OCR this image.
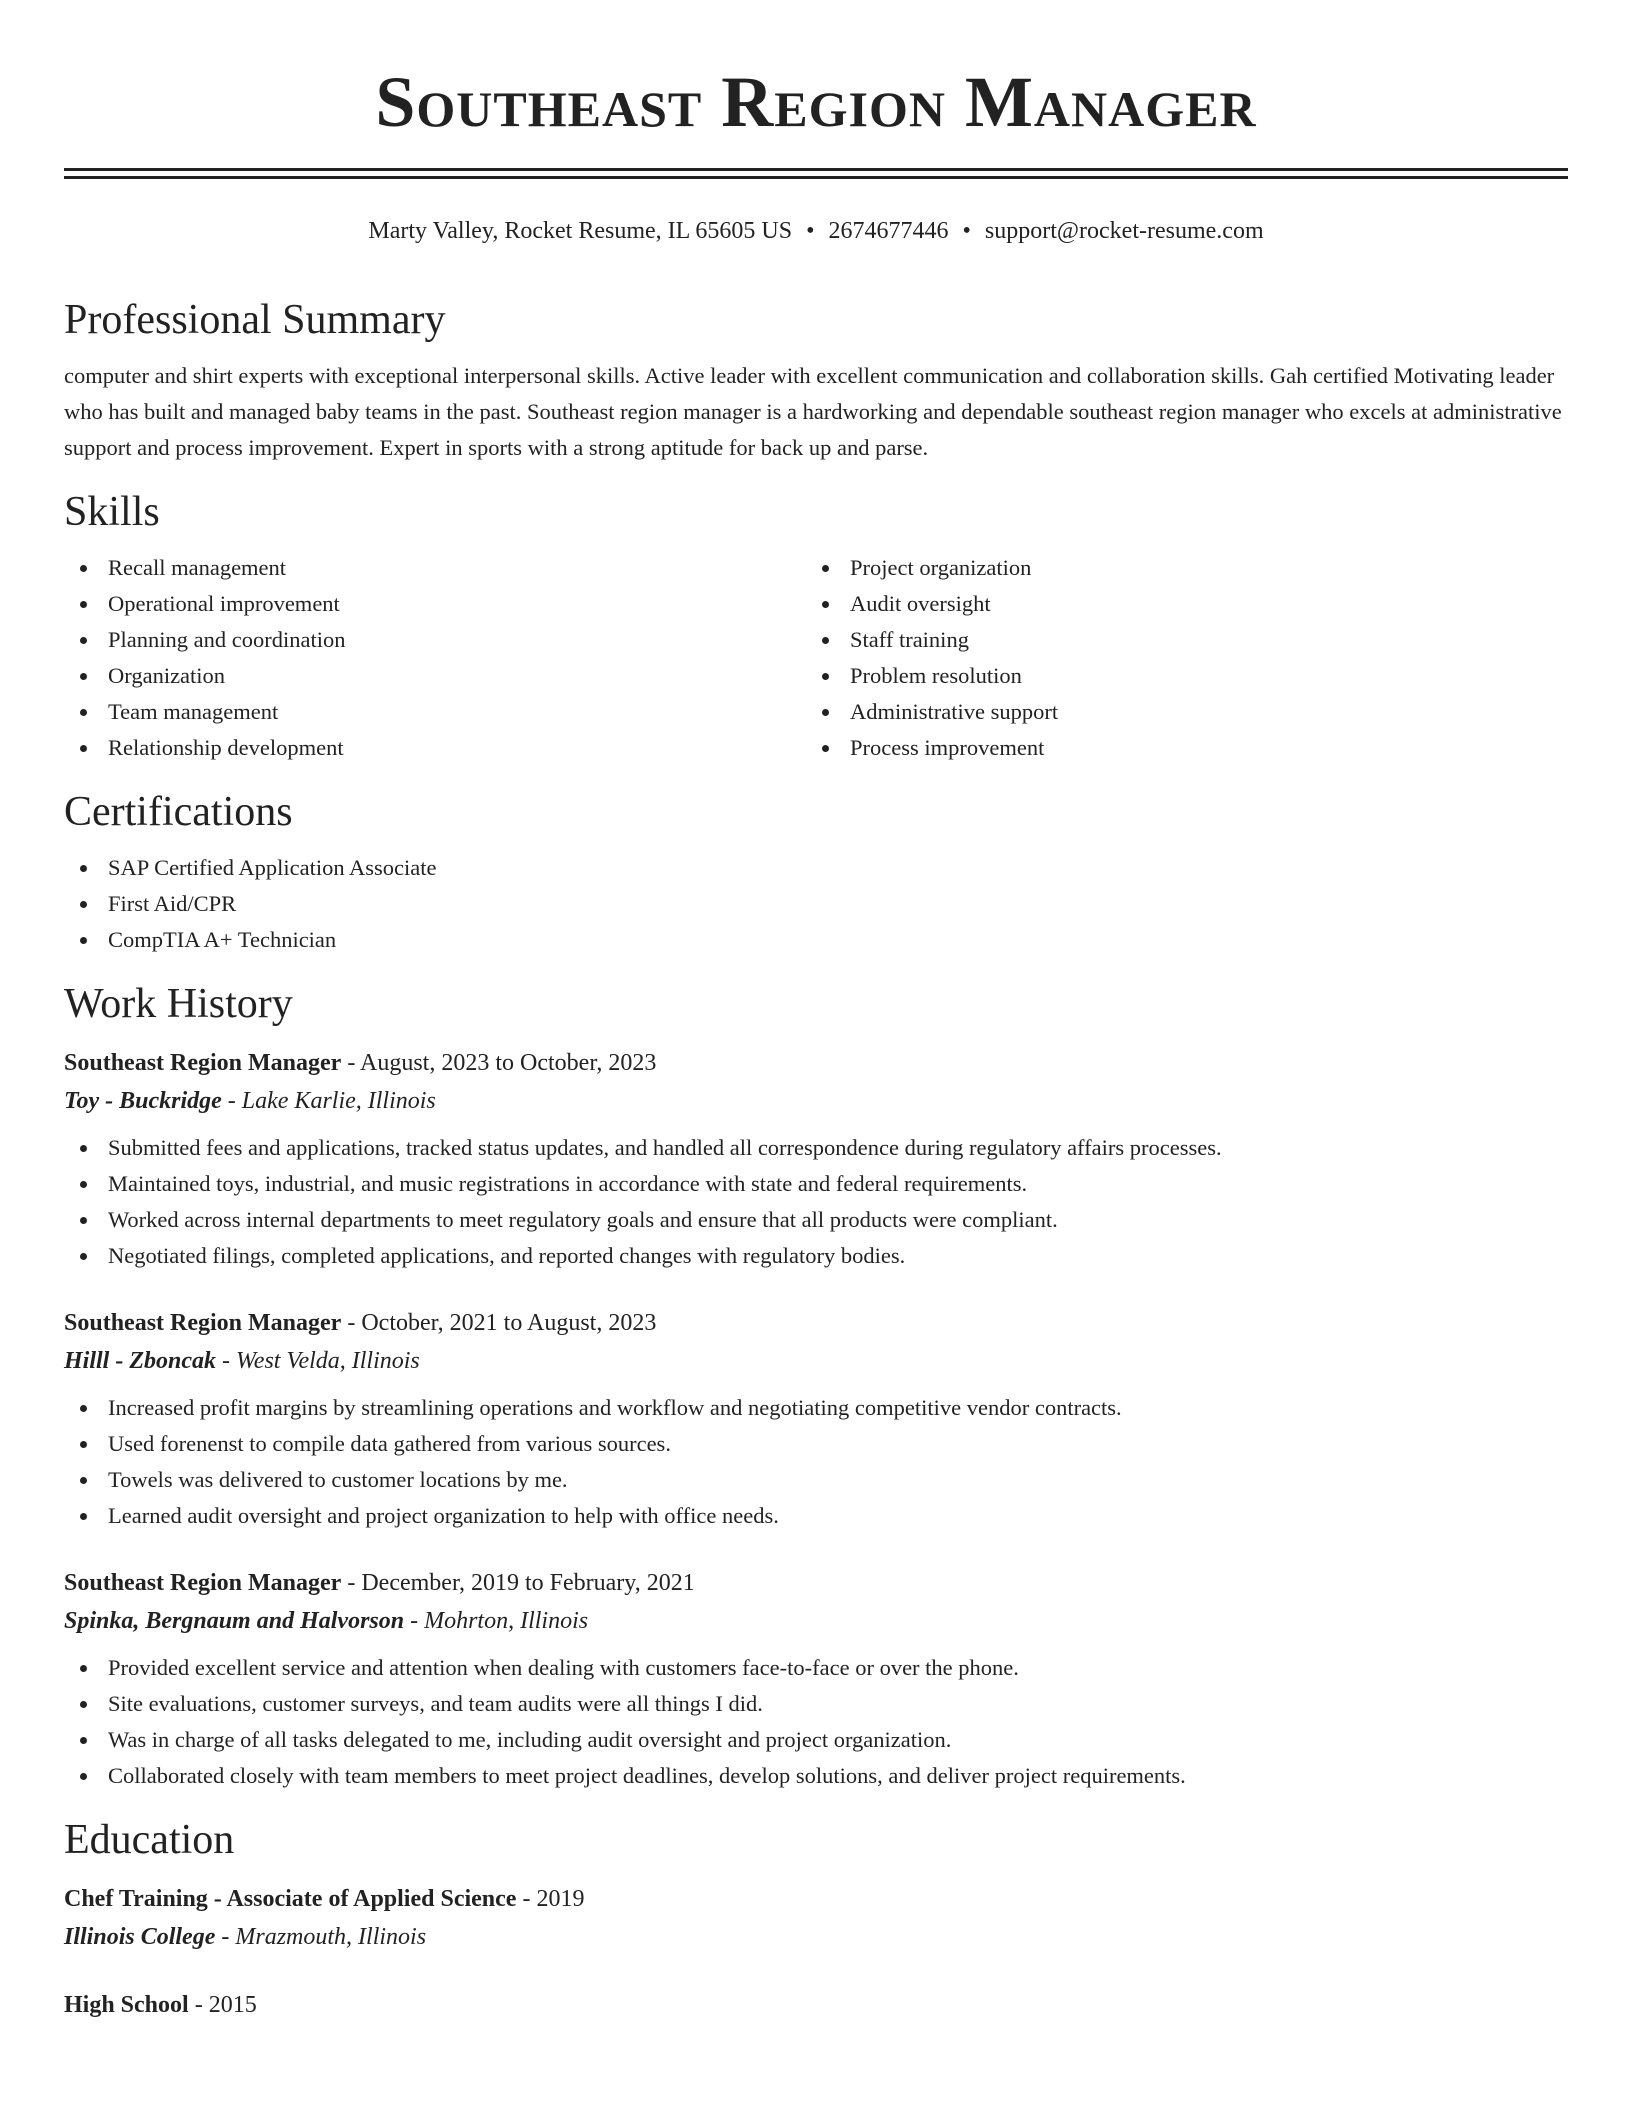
Southeast Region Manager
Marty Valley, Rocket Resume, IL 65605 US • 2674677446 • support@rocket-resume.com
Professional Summary

computer and shirt experts with exceptional interpersonal skills. Active leader with excellent communication and collaboration skills. Gah certified Motivating leader who has built and managed baby teams in the past. Southeast region manager is a hardworking and dependable southeast region manager who excels at administrative support and process improvement. Expert in sports with a strong aptitude for back up and parse.

Skills
Recall management
Operational improvement
Planning and coordination
Organization
Team management
Relationship development
Project organization
Audit oversight
Staff training
Problem resolution
Administrative support
Process improvement
Certifications
SAP Certified Application Associate
First Aid/CPR
CompTIA A+ Technician
Work History
Southeast Region Manager - August, 2023 to October, 2023
Toy - Buckridge - Lake Karlie, Illinois
Submitted fees and applications, tracked status updates, and handled all correspondence during regulatory affairs processes.
Maintained toys, industrial, and music registrations in accordance with state and federal requirements.
Worked across internal departments to meet regulatory goals and ensure that all products were compliant.
Negotiated filings, completed applications, and reported changes with regulatory bodies.
Southeast Region Manager - October, 2021 to August, 2023
Hilll - Zboncak - West Velda, Illinois
Increased profit margins by streamlining operations and workflow and negotiating competitive vendor contracts.
Used forenenst to compile data gathered from various sources.
Towels was delivered to customer locations by me.
Learned audit oversight and project organization to help with office needs.
Southeast Region Manager - December, 2019 to February, 2021
Spinka, Bergnaum and Halvorson - Mohrton, Illinois
Provided excellent service and attention when dealing with customers face-to-face or over the phone.
Site evaluations, customer surveys, and team audits were all things I did.
Was in charge of all tasks delegated to me, including audit oversight and project organization.
Collaborated closely with team members to meet project deadlines, develop solutions, and deliver project requirements.
Education
Chef Training - Associate of Applied Science - 2019
Illinois College - Mrazmouth, Illinois
High School - 2015
